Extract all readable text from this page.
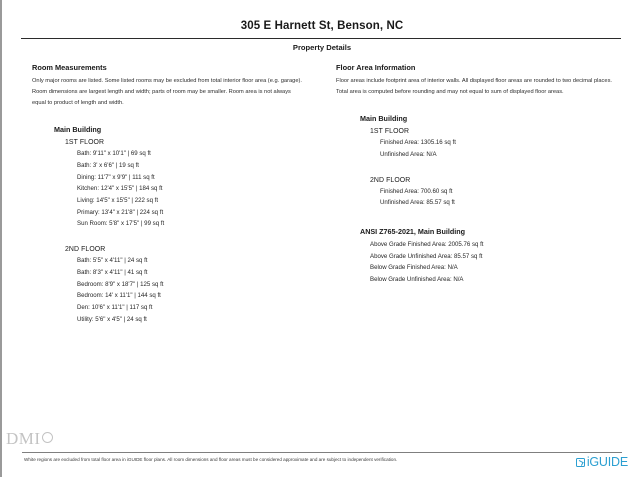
305 E Harnett St, Benson, NC
Property Details
Room Measurements
Only major rooms are listed. Some listed rooms may be excluded from total interior floor area (e.g. garage). Room dimensions are largest length and width; parts of room may be smaller. Room area is not always equal to product of length and width.
Main Building
1ST FLOOR
Bath: 9'11" x 10'1" | 69 sq ft
Bath: 3' x 6'6" | 19 sq ft
Dining: 11'7" x 9'9" | 111 sq ft
Kitchen: 12'4" x 15'5" | 184 sq ft
Living: 14'5" x 15'5" | 222 sq ft
Primary: 13'4" x 21'8" | 224 sq ft
Sun Room: 5'8" x 17'5" | 99 sq ft
2ND FLOOR
Bath: 5'5" x 4'11" | 24 sq ft
Bath: 8'3" x 4'11" | 41 sq ft
Bedroom: 8'9" x 18'7" | 125 sq ft
Bedroom: 14' x 11'1" | 144 sq ft
Den: 10'6" x 11'1" | 117 sq ft
Utility: 5'6" x 4'5" | 24 sq ft
Floor Area Information
Floor areas include footprint area of interior walls. All displayed floor areas are rounded to two decimal places. Total area is computed before rounding and may not equal to sum of displayed floor areas.
Main Building
1ST FLOOR
Finished Area: 1305.16 sq ft
Unfinished Area: N/A
2ND FLOOR
Finished Area: 700.60 sq ft
Unfinished Area: 85.57 sq ft
ANSI Z765-2021, Main Building
Above Grade Finished Area: 2005.76 sq ft
Above Grade Unfinished Area: 85.57 sq ft
Below Grade Finished Area: N/A
Below Grade Unfinished Area: N/A
DMI
White regions are excluded from total floor area in iGUIDE floor plans. All room dimensions and floor areas must be considered approximate and are subject to independent verification.	iGUIDE
